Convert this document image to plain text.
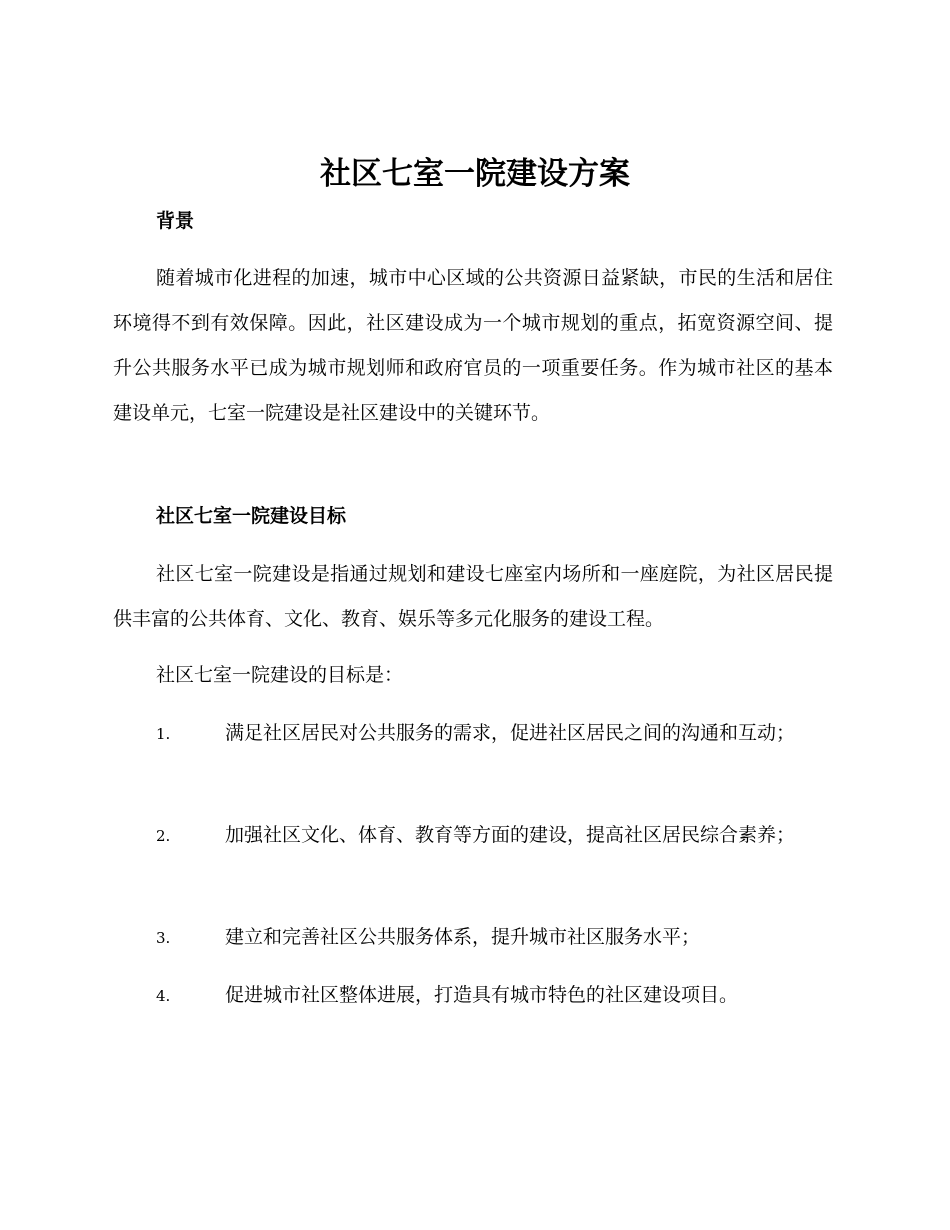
社区七室一院建设方案
背景

随着城市化进程的加速，城市中心区域的公共资源日益紧缺，市民的生活和居住环境得不到有效保障。因此，社区建设成为一个城市规划的重点，拓宽资源空间、提升公共服务水平已成为城市规划师和政府官员的一项重要任务。作为城市社区的基本建设单元，七室一院建设是社区建设中的关键环节。

社区七室一院建设目标

社区七室一院建设是指通过规划和建设七座室内场所和一座庭院，为社区居民提供丰富的公共体育、文化、教育、娱乐等多元化服务的建设工程。

社区七室一院建设的目标是：

1.	满足社区居民对公共服务的需求，促进社区居民之间的沟通和互动；

2.	加强社区文化、体育、教育等方面的建设，提高社区居民综合素养；

3.	建立和完善社区公共服务体系，提升城市社区服务水平；

4.	促进城市社区整体进展，打造具有城市特色的社区建设项目。
